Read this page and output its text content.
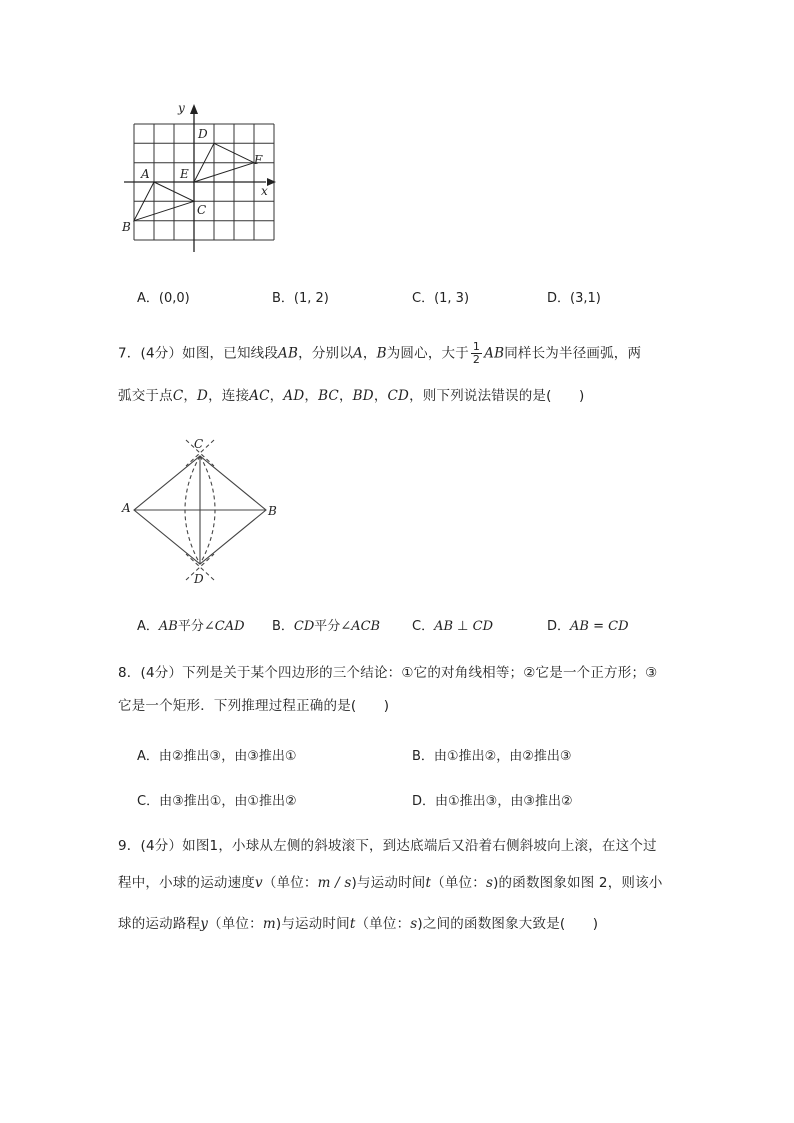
y
x
A
B
C
D
E
F
A．(0,0)	B．(1, 2)	C．(1, 3)	D．(3,1)
7．(4分）如图，已知线段AB，分别以A，B为圆心，大于 $\frac{1}{2}$ AB同样长为半径画弧，两
弧交于点C，D，连接AC，AD，BC，BD，CD，则下列说法错误的是(　　)
A	B
C
D
A．AB平分∠CAD B．CD平分∠ACB C．AB ⊥ CD	D．AB = CD
8．(4分）下列是关于某个四边形的三个结论：①它的对角线相等；②它是一个正方形；③
它是一个矩形．下列推理过程正确的是(　　)
A．由②推出③，由③推出①	B．由①推出②，由②推出③
C．由③推出①，由①推出②	D．由①推出③，由③推出②
9．(4分）如图1，小球从左侧的斜坡滚下，到达底端后又沿着右侧斜坡向上滚，在这个过
程中，小球的运动速度v（单位：m / s)与运动时间t（单位：s)的函数图象如图 2，则该小
球的运动路程y（单位：m)与运动时间t（单位：s)之间的函数图象大致是(　　)
